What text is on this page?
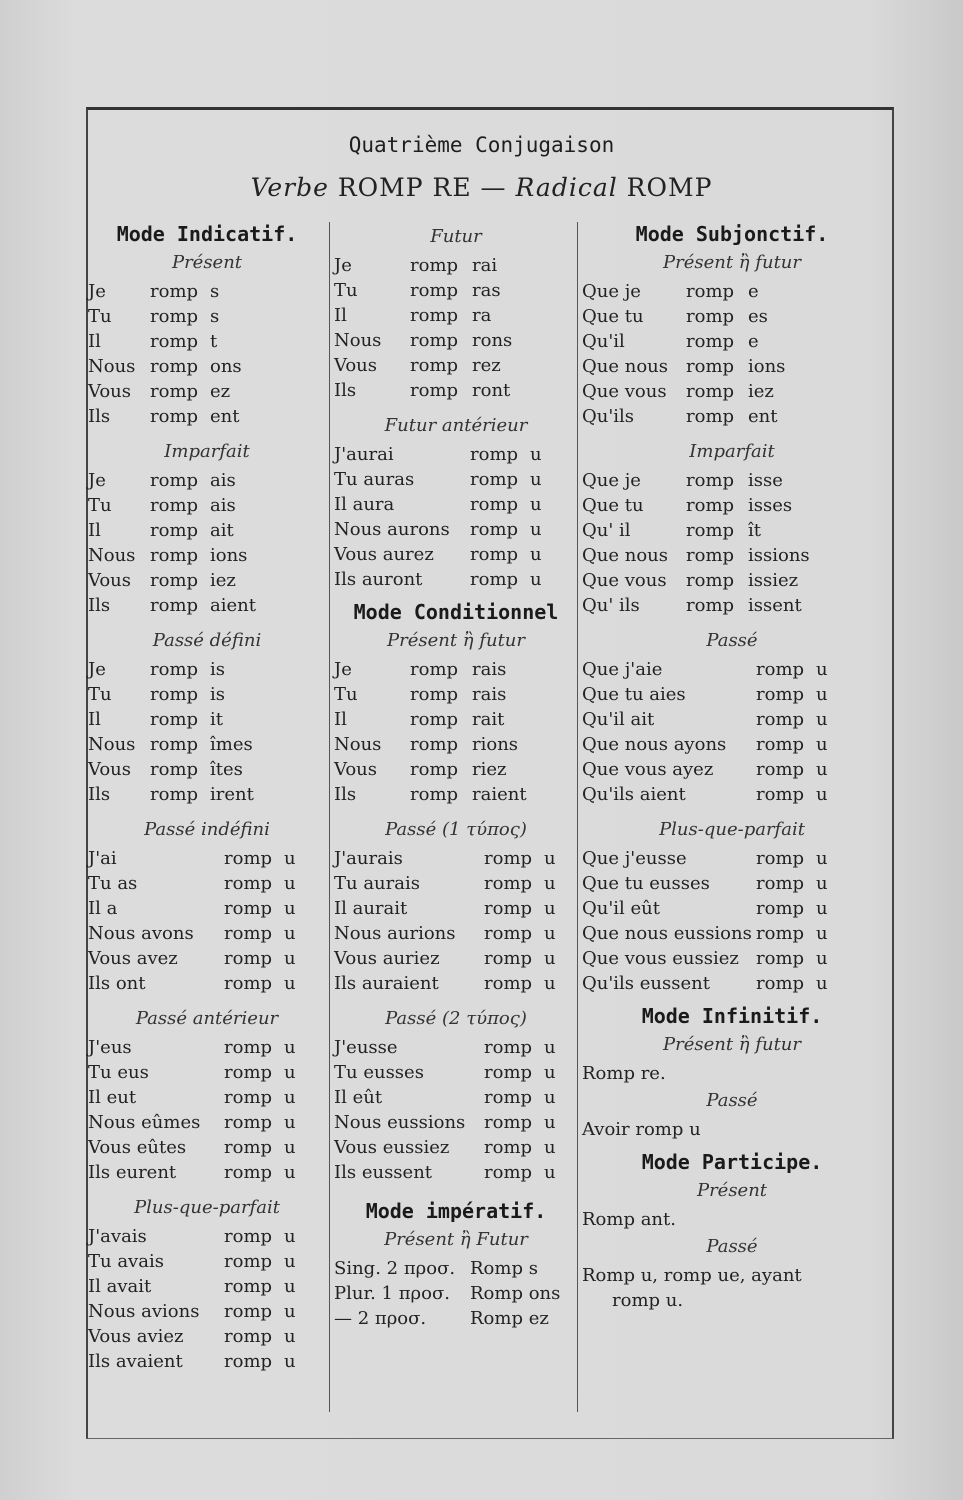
Quatrième Conjugaison
Verbe ROMP RE — Radical ROMP
Mode Indicatif.
Présent
Je	romp s
Tu	romp s
Il	romp t
Nous romp ons
Vous	romp ez
Ils	romp ent
Imparfait
Je	romp ais
Tu	romp ais
Il	romp ait
Nous romp ions
Vous	romp iez
Ils	romp aient
Passé défini
Je	romp is
Tu	romp is
Il	romp it
Nous romp îmes
Vous	romp îtes
Ils	romp irent
Passé indéfini
J'ai	romp u
Tu as	romp u
Il a	romp u
Nous avons	romp u
Vous avez	romp u
Ils ont	romp u
Passé antérieur
J'eus	romp u
Tu eus	romp u
Il eut	romp u
Nous eûmes	romp u
Vous eûtes	romp u
Ils eurent	romp u
Plus-que-parfait
J'avais	romp u
Tu avais	romp u
Il avait	romp u
Nous avions	romp u
Vous aviez	romp u
Ils avaient	romp u
Futur
Je	romp rai
Tu	romp ras
Il	romp ra
Nous	romp rons
Vous	romp rez
Ils	romp ront
Futur antérieur
J'aurai	romp u
Tu auras	romp u
Il aura	romp u
Nous aurons	romp u
Vous aurez	romp u
Ils auront	romp u
Mode Conditionnel
Présent ἢ futur
Je	romp rais
Tu	romp rais
Il	romp rait
Nous	romp rions
Vous	romp riez
Ils	romp raient
Passé (1 τύπος)
J'aurais	romp u
Tu aurais	romp u
Il aurait	romp u
Nous aurions	romp u
Vous auriez	romp u
Ils auraient	romp u
Passé (2 τύπος)
J'eusse	romp u
Tu eusses	romp u
Il eût	romp u
Nous eussions	romp u
Vous eussiez	romp u
Ils eussent	romp u
Mode impératif.
Présent ἢ Futur
Sing. 2 προσ. Romp s
Plur. 1 προσ.	Romp ons
— 2 προσ.	Romp ez
Mode Subjonctif.
Présent ἢ futur
Que je	romp e
Que tu	romp es
Qu'il	romp e
Que nous	romp ions
Que vous	romp iez
Qu'ils	romp ent
Imparfait
Que je	romp isse
Que tu	romp isses
Qu' il	romp ît
Que nous	romp issions
Que vous	romp issiez
Qu' ils	romp issent
Passé
Que j'aie	romp u
Que tu aies	romp u
Qu'il ait	romp u
Que nous ayons	romp u
Que vous ayez	romp u
Qu'ils aient	romp u
Plus-que-parfait
Que j'eusse	romp u
Que tu eusses	romp u
Qu'il eût	romp u
Que nous eussions romp u
Que vous eussiez romp u
Qu'ils eussent	romp u
Mode Infinitif.
Présent ἢ futur
Romp re.
Passé
Avoir romp u
Mode Participe.
Présent
Romp ant.
Passé
Romp u, romp ue, ayant
romp u.
